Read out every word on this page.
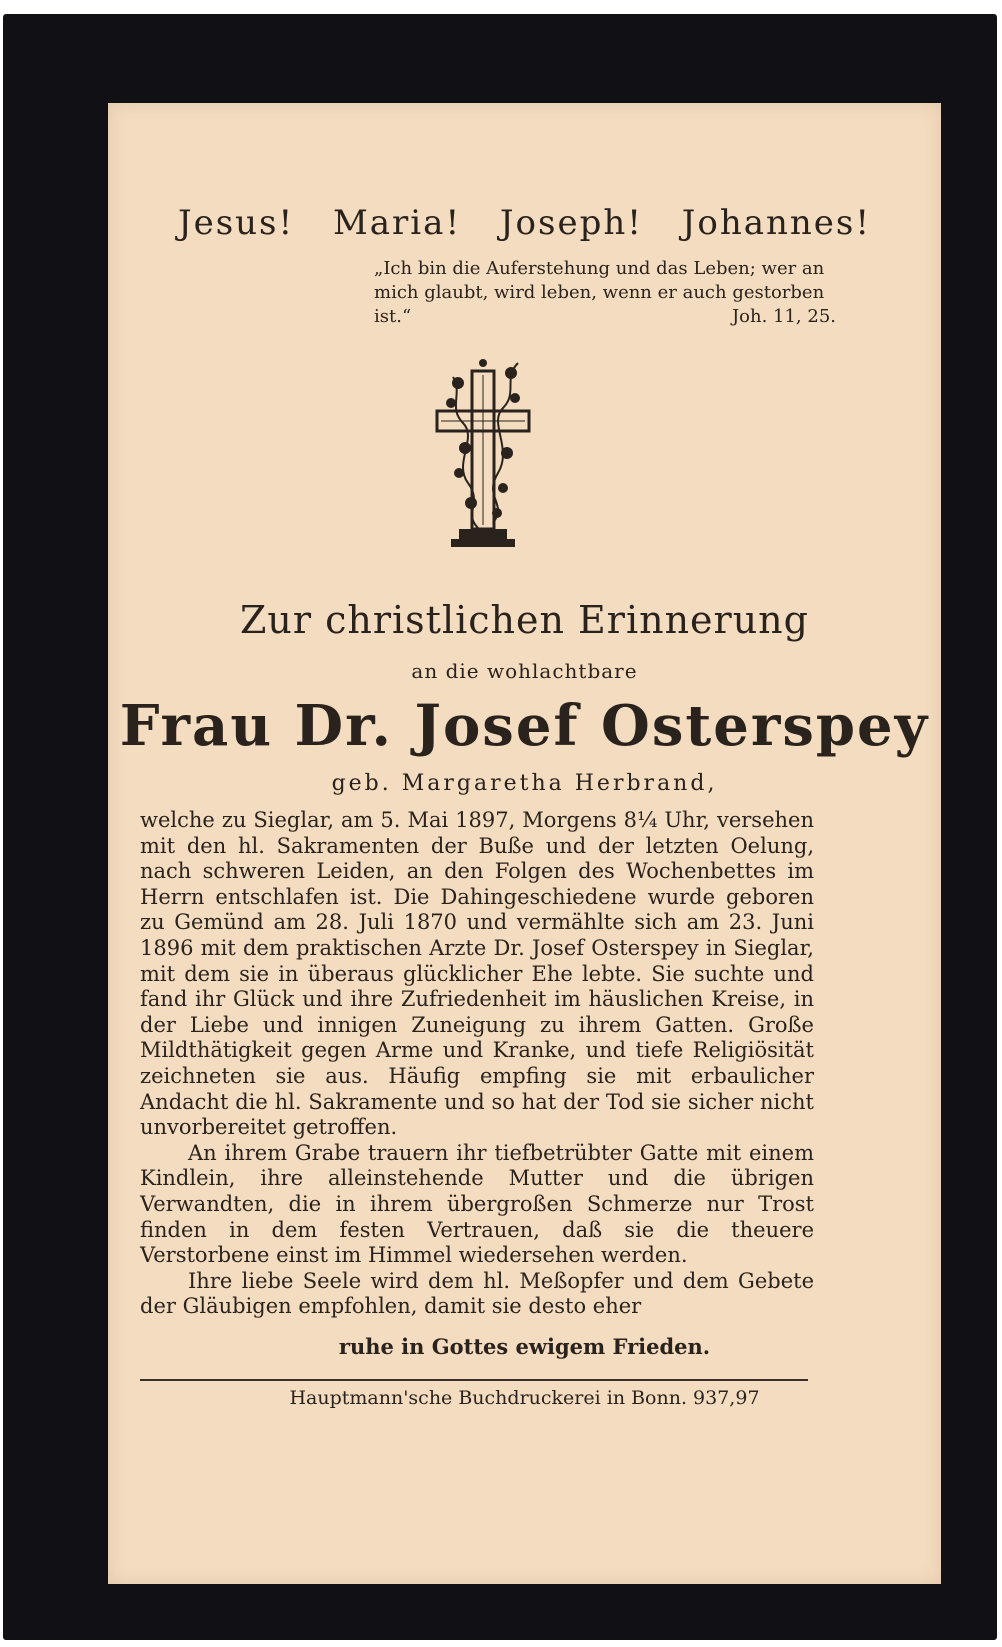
Jesus! Maria! Joseph! Johannes!
„Ich bin die Auferstehung und das Leben; wer an mich glaubt, wird leben, wenn er auch gestorben ist.“	Joh. 11, 25.
Zur christlichen Erinnerung
an die wohlachtbare
Frau Dr. Josef Osterspey
geb. Margaretha Herbrand,

welche zu Sieglar, am 5. Mai 1897, Morgens 8¼ Uhr, versehen mit den hl. Sakramenten der Buße und der letzten Oelung, nach schweren Leiden, an den Folgen des Wochenbettes im Herrn entschlafen ist. Die Dahingeschiedene wurde geboren zu Gemünd am 28. Juli 1870 und vermählte sich am 23. Juni 1896 mit dem praktischen Arzte Dr. Josef Osterspey in Sieglar, mit dem sie in überaus glücklicher Ehe lebte. Sie suchte und fand ihr Glück und ihre Zufriedenheit im häuslichen Kreise, in der Liebe und innigen Zuneigung zu ihrem Gatten. Große Mildthätigkeit gegen Arme und Kranke, und tiefe Religiösität zeichneten sie aus. Häufig empfing sie mit erbaulicher Andacht die hl. Sakramente und so hat der Tod sie sicher nicht unvorbereitet getroffen.

An ihrem Grabe trauern ihr tiefbetrübter Gatte mit einem Kindlein, ihre alleinstehende Mutter und die übrigen Verwandten, die in ihrem übergroßen Schmerze nur Trost finden in dem festen Vertrauen, daß sie die theuere Verstorbene einst im Himmel wiedersehen werden.

Ihre liebe Seele wird dem hl. Meßopfer und dem Gebete der Gläubigen empfohlen, damit sie desto eher

ruhe in Gottes ewigem Frieden.
Hauptmann'sche Buchdruckerei in Bonn. 937,97
